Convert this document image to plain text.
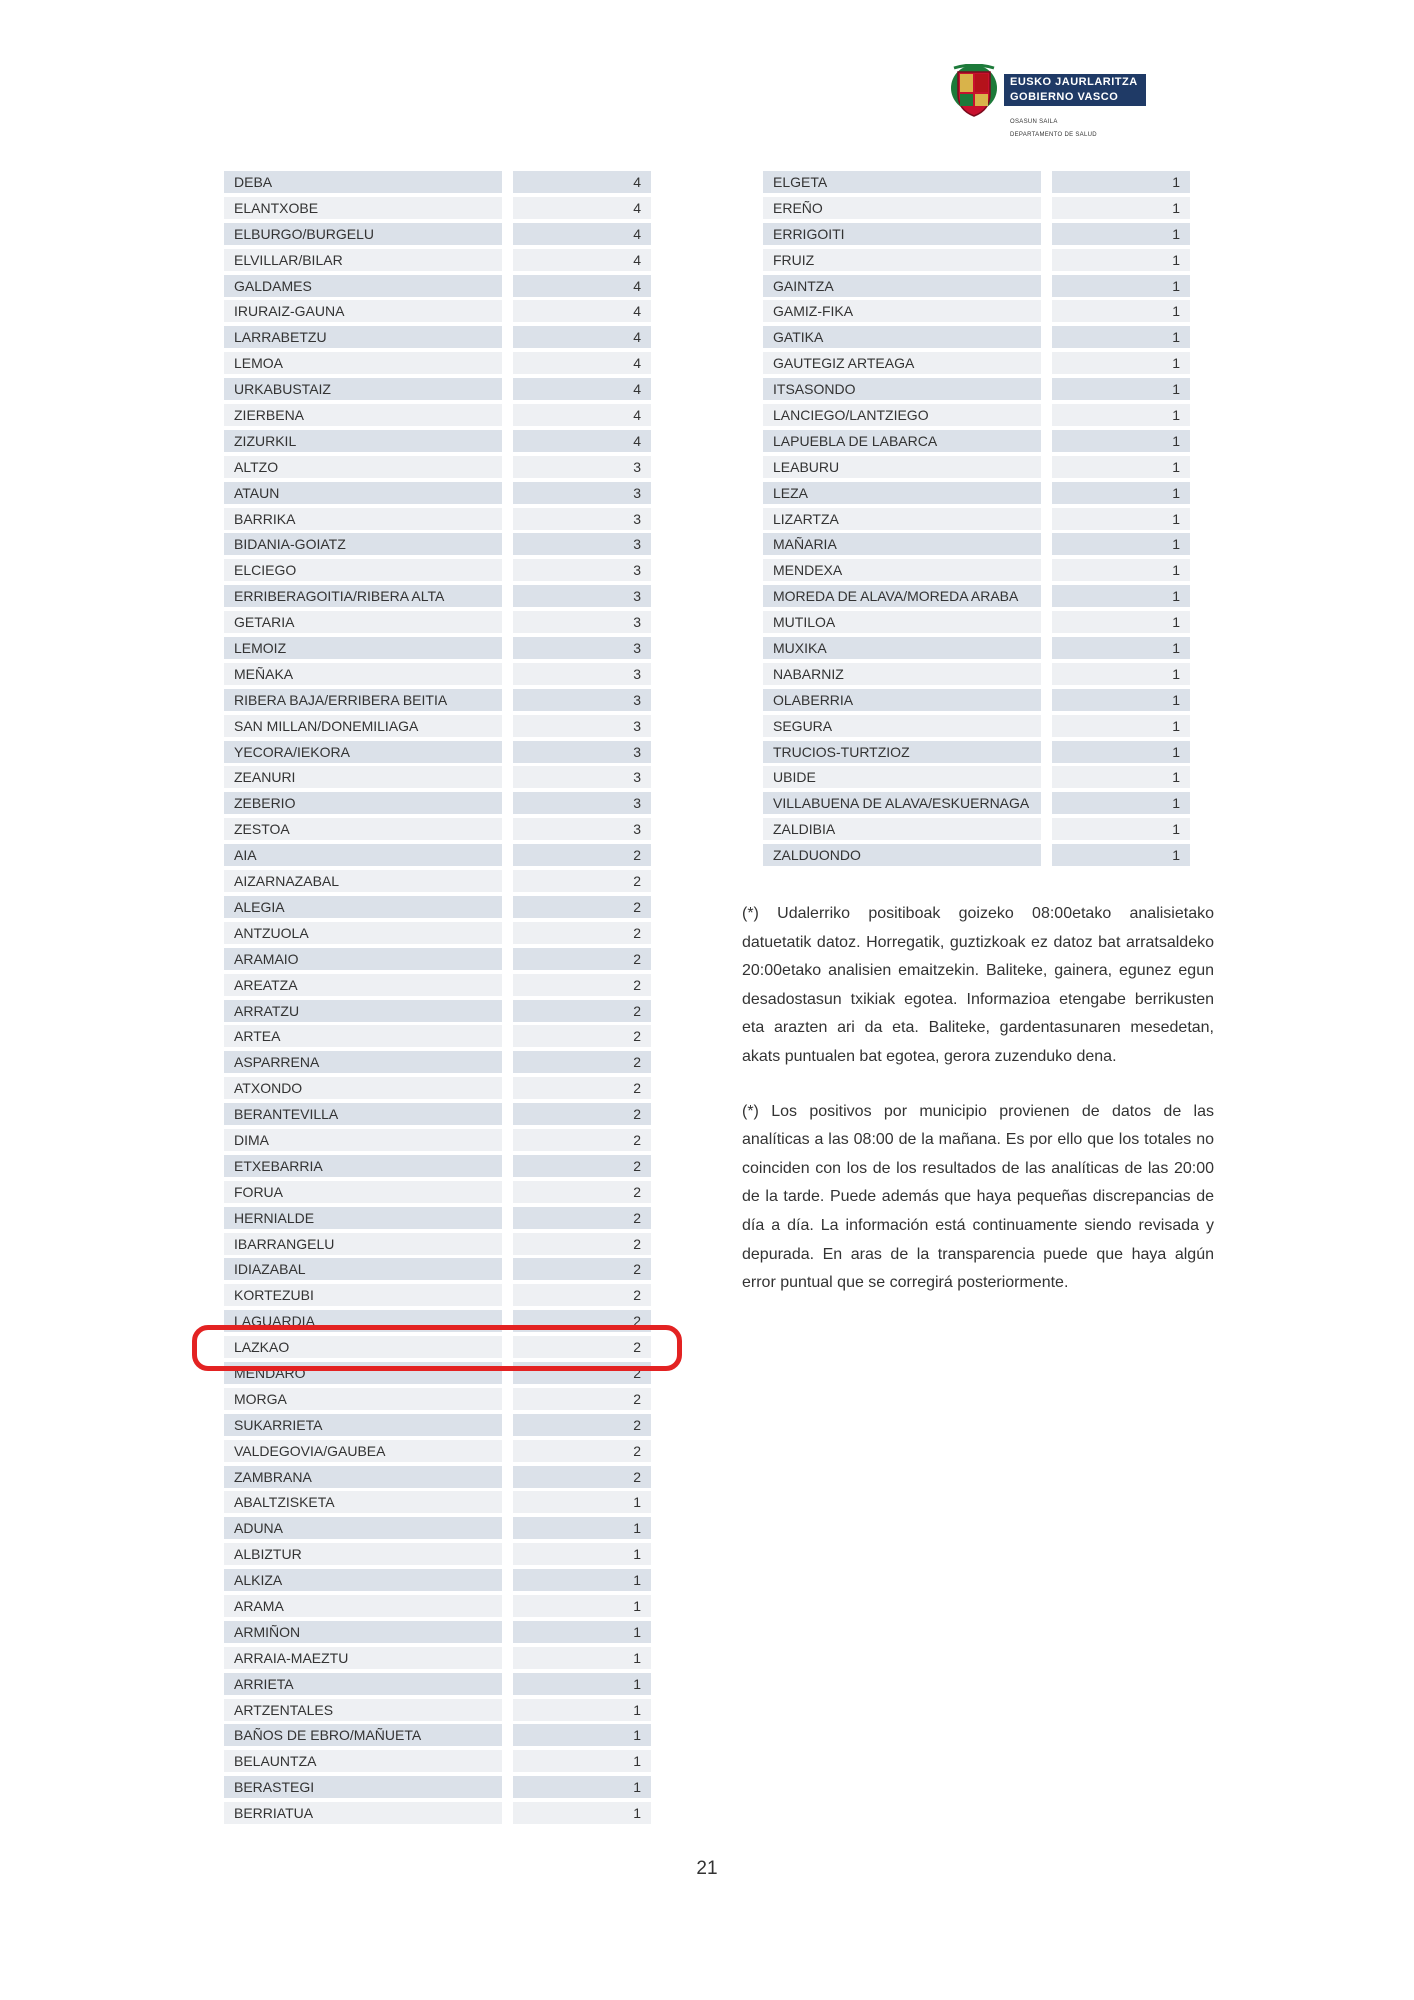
EUSKO JAURLARITZA
GOBIERNO VASCO
OSASUN SAILA
DEPARTAMENTO DE SALUD
DEBA	4
ELANTXOBE	4
ELBURGO/BURGELU	4
ELVILLAR/BILAR	4
GALDAMES	4
IRURAIZ-GAUNA	4
LARRABETZU	4
LEMOA	4
URKABUSTAIZ	4
ZIERBENA	4
ZIZURKIL	4
ALTZO	3
ATAUN	3
BARRIKA	3
BIDANIA-GOIATZ	3
ELCIEGO	3
ERRIBERAGOITIA/RIBERA ALTA	3
GETARIA	3
LEMOIZ	3
MEÑAKA	3
RIBERA BAJA/ERRIBERA BEITIA	3
SAN MILLAN/DONEMILIAGA	3
YECORA/IEKORA	3
ZEANURI	3
ZEBERIO	3
ZESTOA	3
AIA	2
AIZARNAZABAL	2
ALEGIA	2
ANTZUOLA	2
ARAMAIO	2
AREATZA	2
ARRATZU	2
ARTEA	2
ASPARRENA	2
ATXONDO	2
BERANTEVILLA	2
DIMA	2
ETXEBARRIA	2
FORUA	2
HERNIALDE	2
IBARRANGELU	2
IDIAZABAL	2
KORTEZUBI	2
LAGUARDIA	2
LAZKAO	2
MENDARO	2
MORGA	2
SUKARRIETA	2
VALDEGOVIA/GAUBEA	2
ZAMBRANA	2
ABALTZISKETA	1
ADUNA	1
ALBIZTUR	1
ALKIZA	1
ARAMA	1
ARMIÑON	1
ARRAIA-MAEZTU	1
ARRIETA	1
ARTZENTALES	1
BAÑOS DE EBRO/MAÑUETA	1
BELAUNTZA	1
BERASTEGI	1
BERRIATUA	1
ELGETA	1
EREÑO	1
ERRIGOITI	1
FRUIZ	1
GAINTZA	1
GAMIZ-FIKA	1
GATIKA	1
GAUTEGIZ ARTEAGA	1
ITSASONDO	1
LANCIEGO/LANTZIEGO	1
LAPUEBLA DE LABARCA	1
LEABURU	1
LEZA	1
LIZARTZA	1
MAÑARIA	1
MENDEXA	1
MOREDA DE ALAVA/MOREDA ARABA	1
MUTILOA	1
MUXIKA	1
NABARNIZ	1
OLABERRIA	1
SEGURA	1
TRUCIOS-TURTZIOZ	1
UBIDE	1
VILLABUENA DE ALAVA/ESKUERNAGA	1
ZALDIBIA	1
ZALDUONDO	1

(*) Udalerriko positiboak goizeko 08:00etako analisietako datuetatik datoz. Horregatik, guztizkoak ez datoz bat arratsaldeko 20:00etako analisien emaitzekin. Baliteke, gainera, egunez egun desadostasun txikiak egotea. Informazioa etengabe berrikusten eta arazten ari da eta. Baliteke, gardentasunaren mesedetan, akats puntualen bat egotea, gerora zuzenduko dena.

(*) Los positivos por municipio provienen de datos de las analíticas a las 08:00 de la mañana. Es por ello que los totales no coinciden con los de los resultados de las analíticas de las 20:00 de la tarde. Puede además que haya pequeñas discrepancias de día a día. La información está continuamente siendo revisada y depurada. En aras de la transparencia puede que haya algún error puntual que se corregirá posteriormente.

21
